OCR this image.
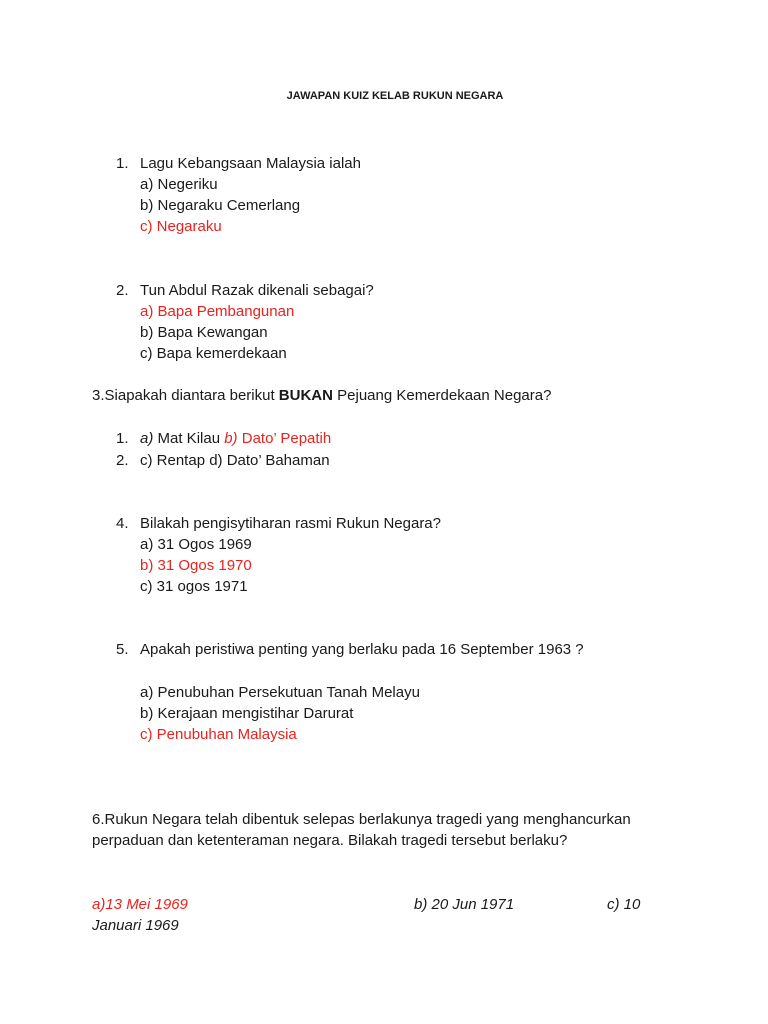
JAWAPAN KUIZ KELAB RUKUN NEGARA
1. Lagu Kebangsaan Malaysia ialah
a) Negeriku
b) Negaraku Cemerlang
c) Negaraku
2. Tun Abdul Razak dikenali sebagai?
a) Bapa Pembangunan
b) Bapa Kewangan
c) Bapa kemerdekaan
3.Siapakah diantara berikut BUKAN Pejuang Kemerdekaan Negara?
1. a) Mat Kilau b) Dato’ Pepatih
2. c) Rentap d) Dato’ Bahaman
4. Bilakah pengisytiharan rasmi Rukun Negara?
a) 31 Ogos 1969
b) 31 Ogos 1970
c) 31 ogos 1971
5. Apakah peristiwa penting yang berlaku pada 16 September 1963 ?
a) Penubuhan Persekutuan Tanah Melayu
b) Kerajaan mengistihar Darurat
c) Penubuhan Malaysia
6.Rukun Negara telah dibentuk selepas berlakunya tragedi yang menghancurkan perpaduan dan ketenteraman negara. Bilakah tragedi tersebut berlaku?
a)13 Mei 1969	b) 20 Jun 1971	c) 10
Januari 1969
